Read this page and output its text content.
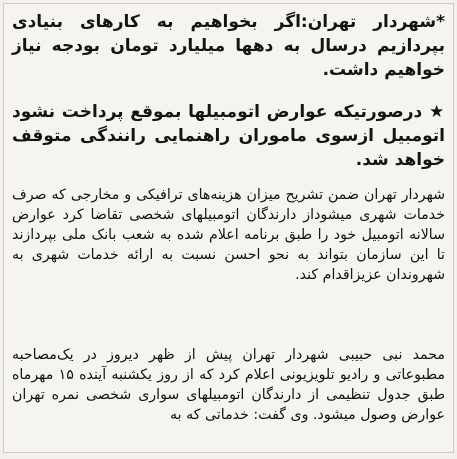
*شهردار تهران:اگر بخواهیم به کارهای بنیادی بپردازیم درسال به دهها میلیارد تومان بودجه نیاز خواهیم داشت.
★ درصورتیکه عوارض اتومبیلها بموقع پرداخت نشود اتومبیل ازسوی ماموران راهنمایی رانندگی متوقف خواهد شد.
شهردار تهران ضمن تشریح میزان هزینه‌های ترافیکی و مخارجی که صرف خدمات شهری میشوداز دارندگان اتومبیلهای شخصی تقاضا کرد عوارض سالانه اتومبیل خود را طبق برنامه اعلام شده به شعب بانک ملی بپردازند تا این سازمان بتواند به نحو احسن نسبت به ارائه خدمات شهری به شهروندان عزیزاقدام کند.
محمد نبی حبیبی شهردار تهران پیش از ظهر دیروز در یک‌مصاحبه مطبوعاتی و رادیو تلویزیونی اعلام کرد که از روز یکشنبه آینده ۱۵ مهرماه طبق جدول تنظیمی از دارندگان اتومبیلهای سواری شخصی نمره تهران عوارض وصول میشود. وی گفت: خدماتی که به
